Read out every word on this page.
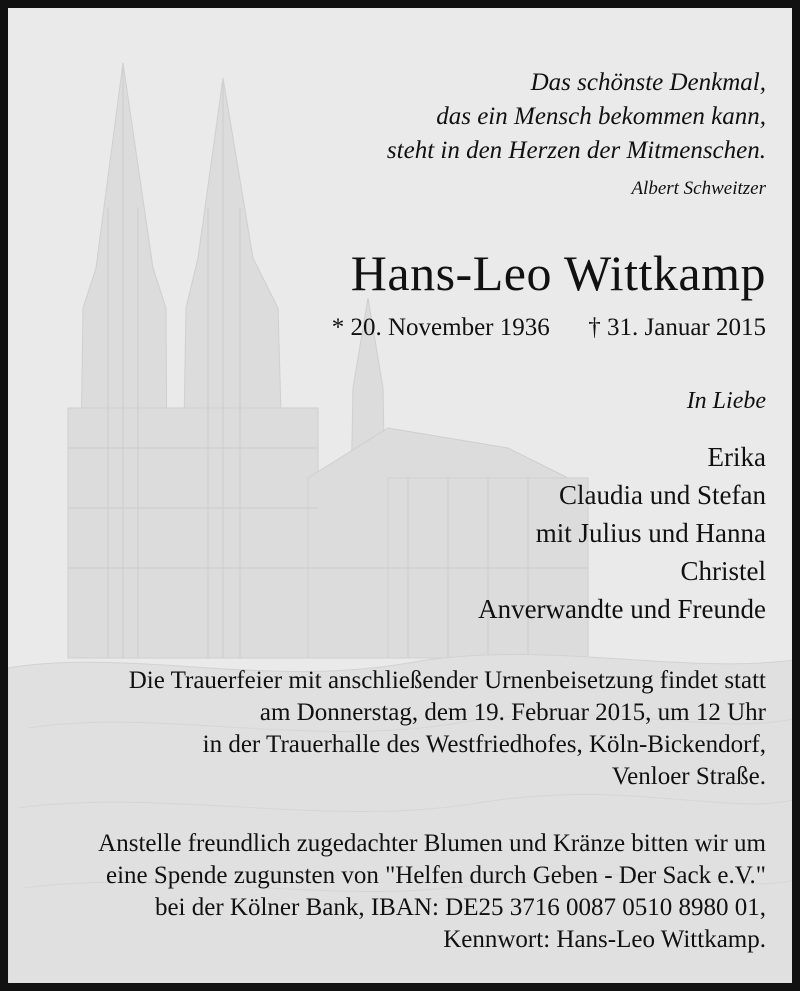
Das schönste Denkmal,
das ein Mensch bekommen kann,
steht in den Herzen der Mitmenschen.
Albert Schweitzer
Hans-Leo Wittkamp
* 20. November 1936 † 31. Januar 2015
In Liebe
Erika
Claudia und Stefan
mit Julius und Hanna
Christel
Anverwandte und Freunde
Die Trauerfeier mit anschließender Urnenbeisetzung findet statt
am Donnerstag, dem 19. Februar 2015, um 12 Uhr
in der Trauerhalle des Westfriedhofes, Köln-Bickendorf,
Venloer Straße.
Anstelle freundlich zugedachter Blumen und Kränze bitten wir um
eine Spende zugunsten von "Helfen durch Geben - Der Sack e.V."
bei der Kölner Bank, IBAN: DE25 3716 0087 0510 8980 01,
Kennwort: Hans-Leo Wittkamp.
